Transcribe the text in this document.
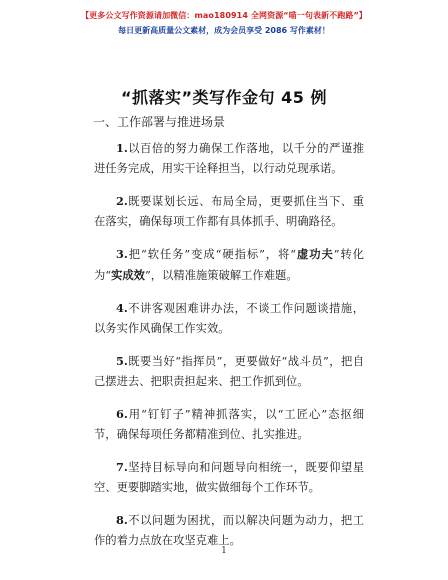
【更多公文写作资源请加微信：mao180914 全网资源“喵一句表新不跑路”】
每日更新高质量公文素材，成为会员享受 2086 写作素材！
“抓落实”类写作金句 45 例
一、工作部署与推进场景

1.以百倍的努力确保工作落地，以千分的严谨推进任务完成，用实干诠释担当，以行动兑现承诺。

2.既要谋划长远、布局全局，更要抓住当下、重在落实，确保每项工作都有具体抓手、明确路径。

3.把“软任务”变成“硬指标”，将“虚功夫”转化为“实成效”，以精准施策破解工作难题。

4.不讲客观困难讲办法，不谈工作问题谈措施，以务实作风确保工作实效。

5.既要当好“指挥员”，更要做好“战斗员”，把自己摆进去、把职责担起来、把工作抓到位。

6.用“钉钉子”精神抓落实，以“工匠心”态抠细节，确保每项任务都精准到位、扎实推进。

7.坚持目标导向和问题导向相统一，既要仰望星空、更要脚踏实地，做实做细每个工作环节。

8.不以问题为困扰，而以解决问题为动力，把工作的着力点放在攻坚克难上。

1
